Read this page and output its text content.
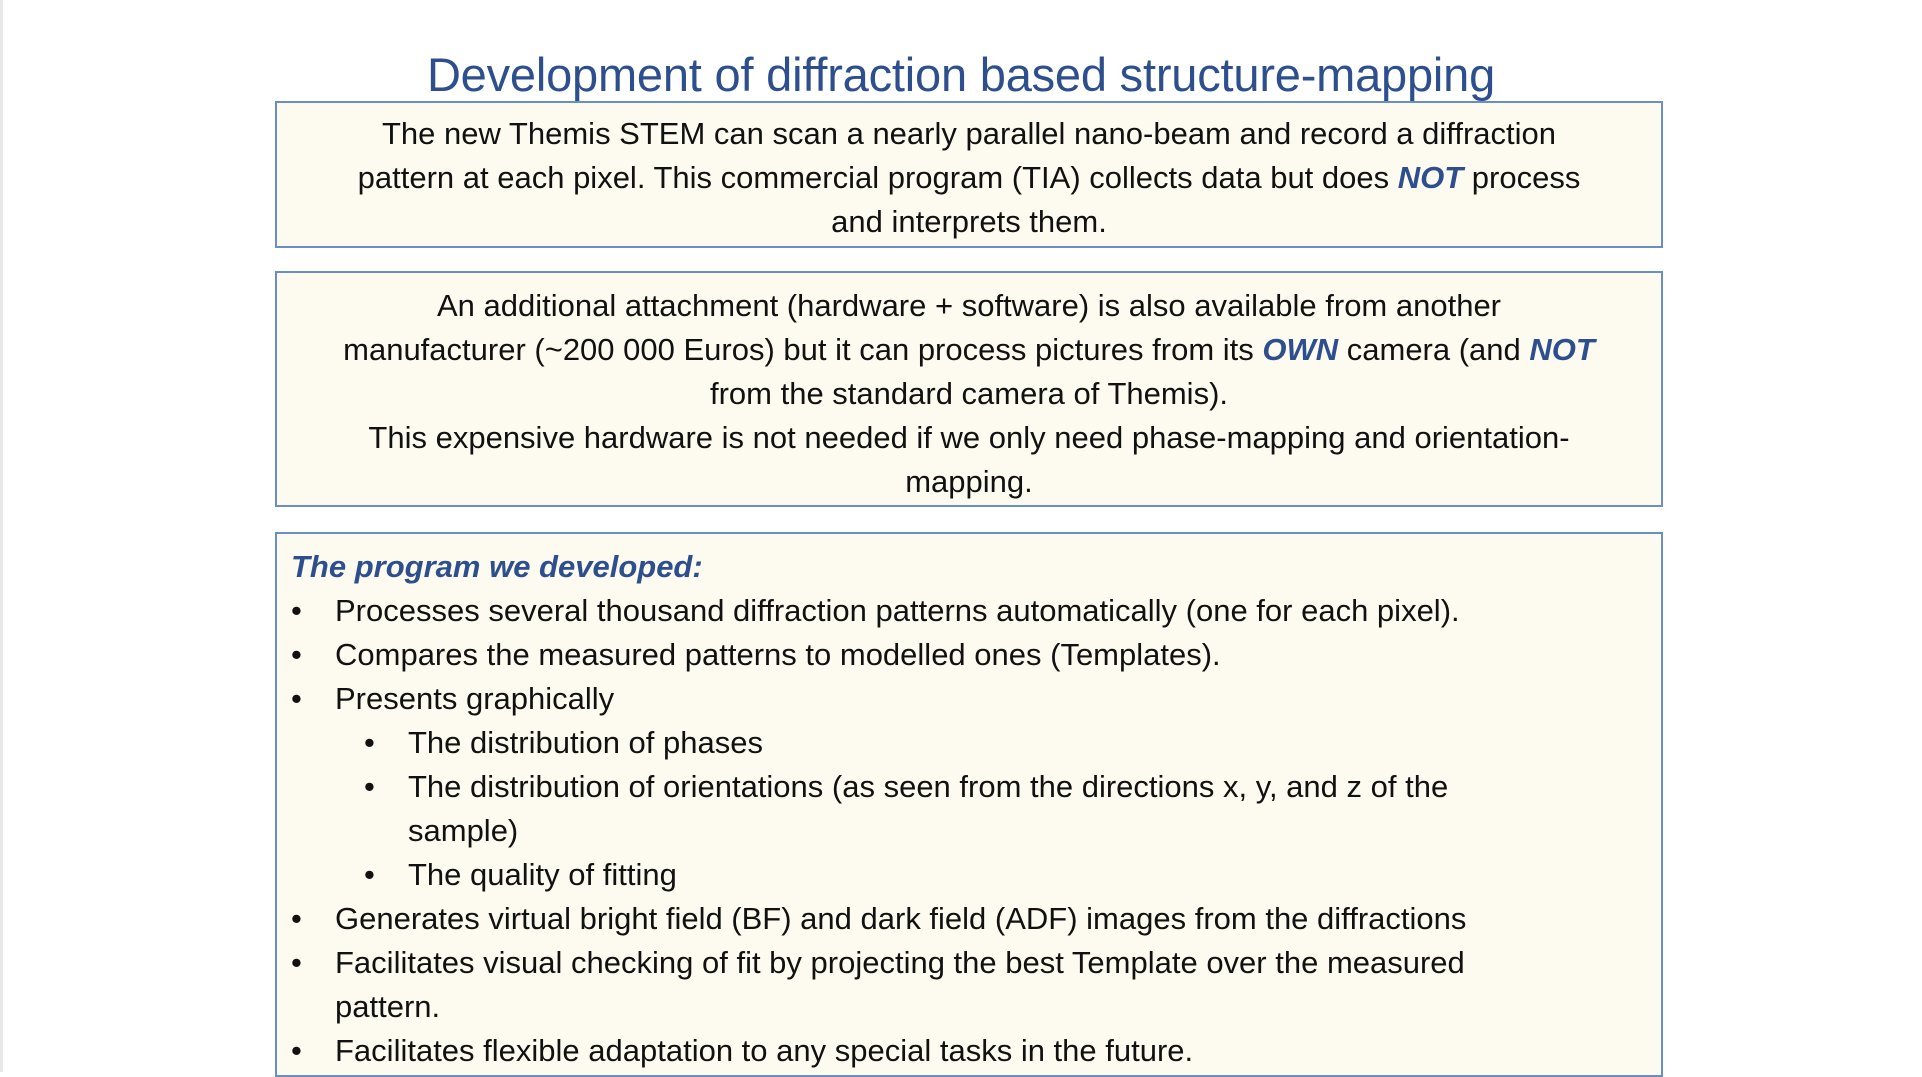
Development of diffraction based structure-mapping
The new Themis STEM can scan a nearly parallel nano-beam and record a diffraction
pattern at each pixel. This commercial program (TIA) collects data but does NOT process
and interprets them.
An additional attachment (hardware + software) is also available from another
manufacturer (~200 000 Euros) but it can process pictures from its OWN camera (and NOT
from the standard camera of Themis).
This expensive hardware is not needed if we only need phase-mapping and orientation-
mapping.
The program we developed:
• Processes several thousand diffraction patterns automatically (one for each pixel).
• Compares the measured patterns to modelled ones (Templates).
• Presents graphically
• The distribution of phases
• The distribution of orientations (as seen from the directions x, y, and z of the sample)
• The quality of fitting
• Generates virtual bright field (BF) and dark field (ADF) images from the diffractions
• Facilitates visual checking of fit by projecting the best Template over the measured pattern.
• Facilitates flexible adaptation to any special tasks in the future.
